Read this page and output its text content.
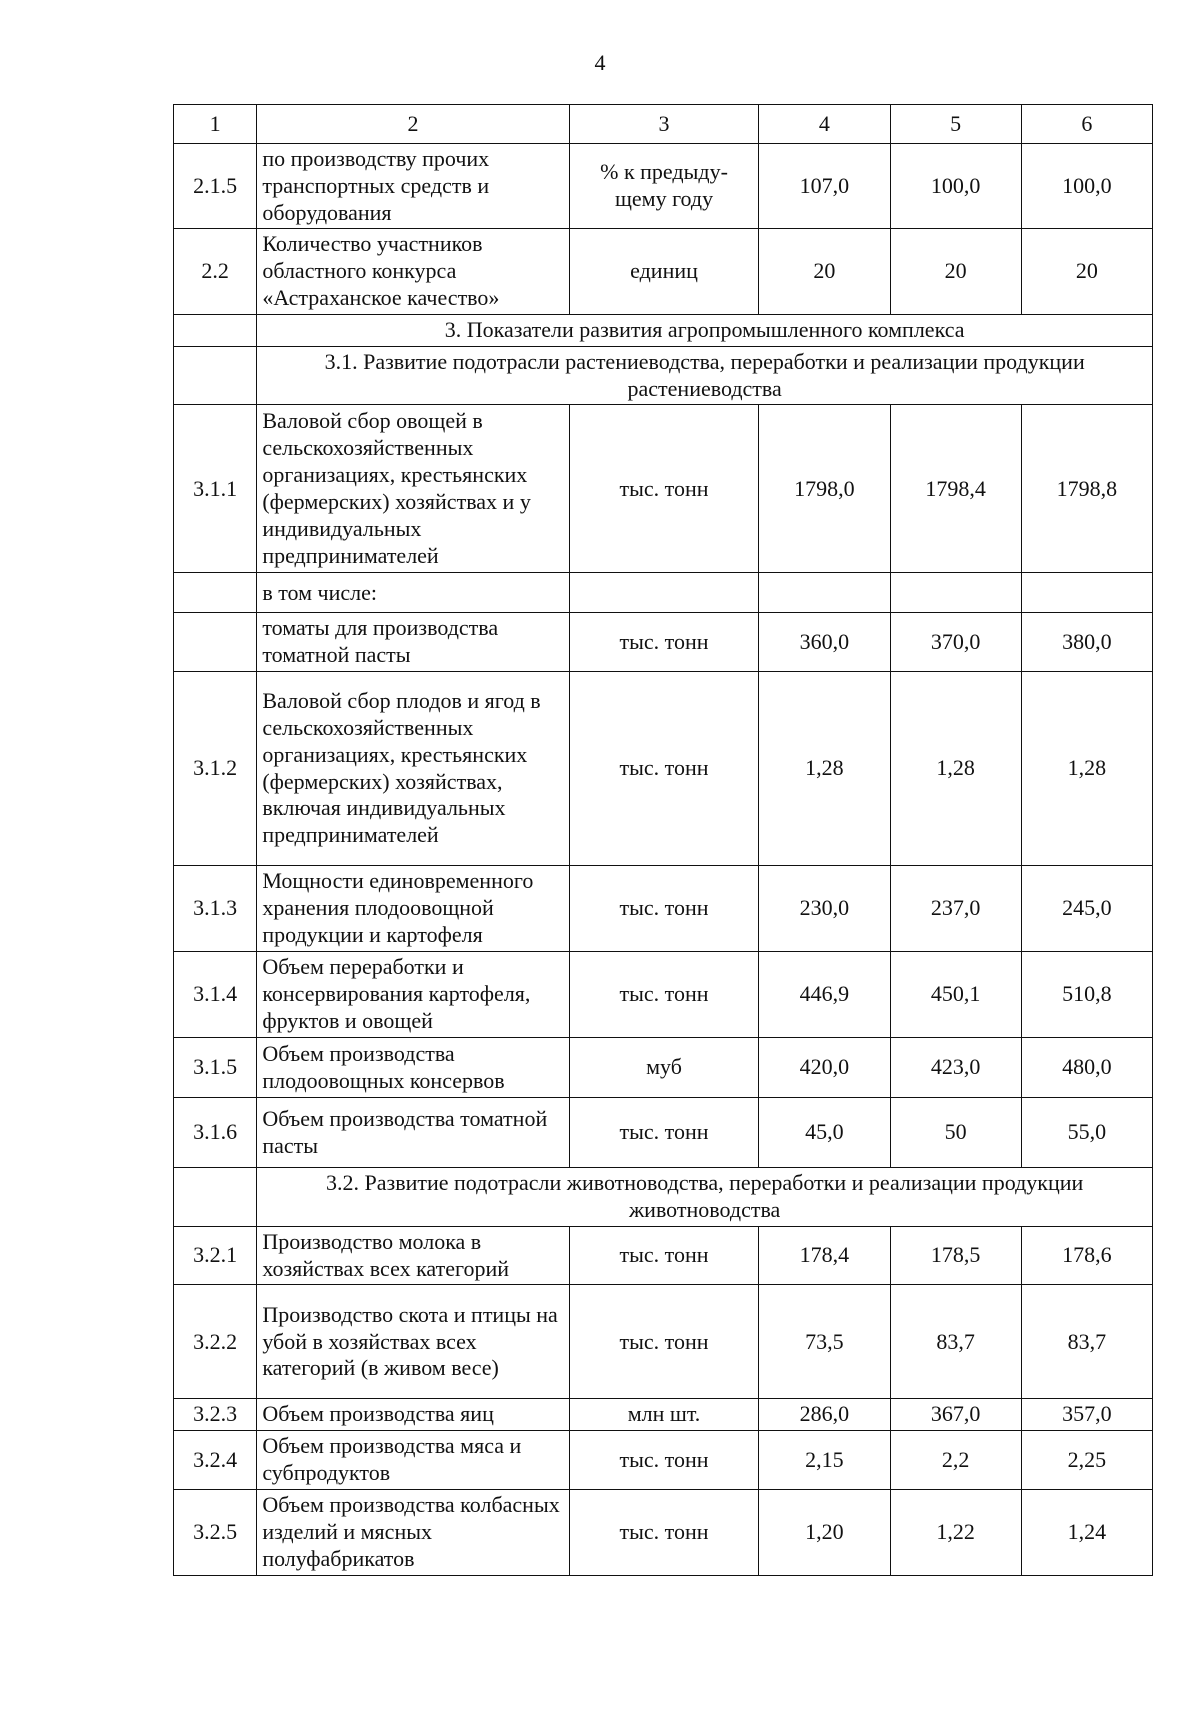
4
1	2	3	4	5	6
2.1.5	по производству прочих транспортных средств и оборудования	% к предыду-щему году	107,0	100,0	100,0
2.2	Количество участников областного конкурса «Астраханское качество»	единиц	20	20	20
	3. Показатели развития агропромышленного комплекса				
	3.1. Развитие подотрасли растениеводства, переработки и реализации продукции растениеводства				
3.1.1	Валовой сбор овощей в сельскохозяйственных организациях, крестьянских (фермерских) хозяйствах и у индивидуальных предпринимателей	тыс. тонн	1798,0	1798,4	1798,8
	в том числе:				
	томаты для производства томатной пасты	тыс. тонн	360,0	370,0	380,0
3.1.2	Валовой сбор плодов и ягод в сельскохозяйственных организациях, крестьянских (фермерских) хозяйствах, включая индивидуальных предпринимателей	тыс. тонн	1,28	1,28	1,28
3.1.3	Мощности единовременного хранения плодоовощной продукции и картофеля	тыс. тонн	230,0	237,0	245,0
3.1.4	Объем переработки и консервирования картофеля, фруктов и овощей	тыс. тонн	446,9	450,1	510,8
3.1.5	Объем производства плодоовощных консервов	муб	420,0	423,0	480,0
3.1.6	Объем производства томатной пасты	тыс. тонн	45,0	50	55,0
	3.2. Развитие подотрасли животноводства, переработки и реализации продукции животноводства				
3.2.1	Производство молока в хозяйствах всех категорий	тыс. тонн	178,4	178,5	178,6
3.2.2	Производство скота и птицы на убой в хозяйствах всех категорий (в живом весе)	тыс. тонн	73,5	83,7	83,7
3.2.3	Объем производства яиц	млн шт.	286,0	367,0	357,0
3.2.4	Объем производства мяса и субпродуктов	тыс. тонн	2,15	2,2	2,25
3.2.5	Объем производства колбасных изделий и мясных полуфабрикатов	тыс. тонн	1,20	1,22	1,24
